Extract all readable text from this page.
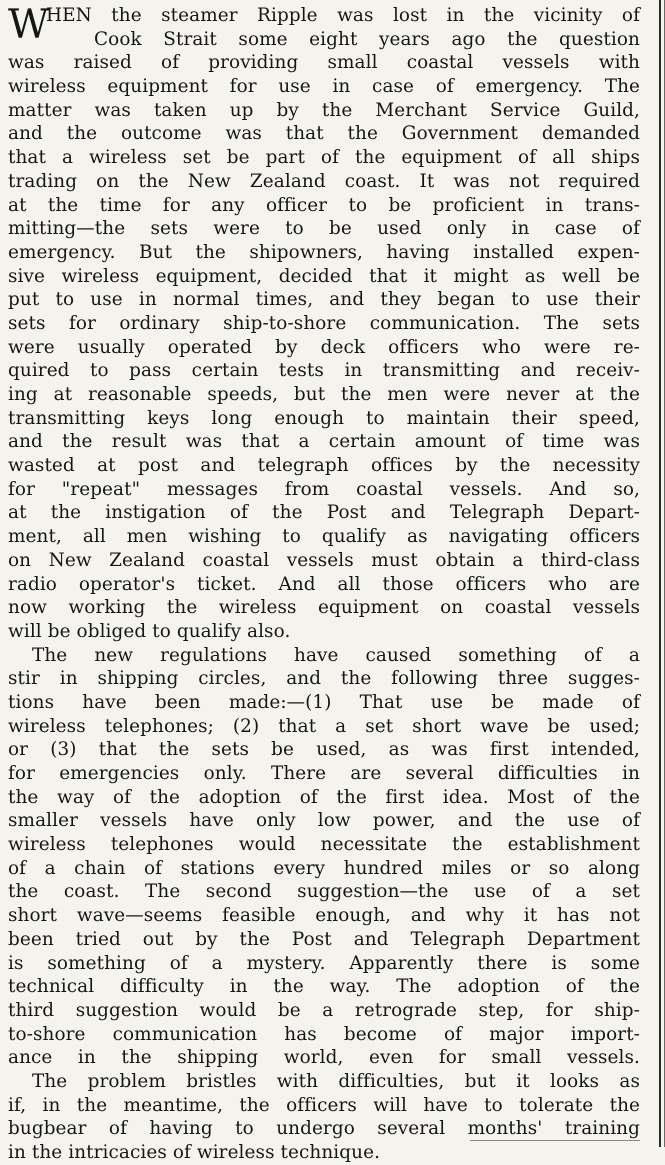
W
HEN the steamer Ripple was lost in the vicinity of
Cook Strait some eight years ago the question
was raised of providing small coastal vessels with
wireless equipment for use in case of emergency. The
matter was taken up by the Merchant Service Guild,
and the outcome was that the Government demanded
that a wireless set be part of the equipment of all ships
trading on the New Zealand coast. It was not required
at the time for any officer to be proficient in trans-
mitting—the sets were to be used only in case of
emergency. But the shipowners, having installed expen-
sive wireless equipment, decided that it might as well be
put to use in normal times, and they began to use their
sets for ordinary ship-to-shore communication. The sets
were usually operated by deck officers who were re-
quired to pass certain tests in transmitting and receiv-
ing at reasonable speeds, but the men were never at the
transmitting keys long enough to maintain their speed,
and the result was that a certain amount of time was
wasted at post and telegraph offices by the necessity
for "repeat" messages from coastal vessels. And so,
at the instigation of the Post and Telegraph Depart-
ment, all men wishing to qualify as navigating officers
on New Zealand coastal vessels must obtain a third-class
radio operator's ticket. And all those officers who are
now working the wireless equipment on coastal vessels
will be obliged to qualify also.
The new regulations have caused something of a
stir in shipping circles, and the following three sugges-
tions have been made:—(1) That use be made of
wireless telephones; (2) that a set short wave be used;
or (3) that the sets be used, as was first intended,
for emergencies only. There are several difficulties in
the way of the adoption of the first idea. Most of the
smaller vessels have only low power, and the use of
wireless telephones would necessitate the establishment
of a chain of stations every hundred miles or so along
the coast. The second suggestion—the use of a set
short wave—seems feasible enough, and why it has not
been tried out by the Post and Telegraph Department
is something of a mystery. Apparently there is some
technical difficulty in the way. The adoption of the
third suggestion would be a retrograde step, for ship-
to-shore communication has become of major import-
ance in the shipping world, even for small vessels.
The problem bristles with difficulties, but it looks as
if, in the meantime, the officers will have to tolerate the
bugbear of having to undergo several months' training
in the intricacies of wireless technique.
